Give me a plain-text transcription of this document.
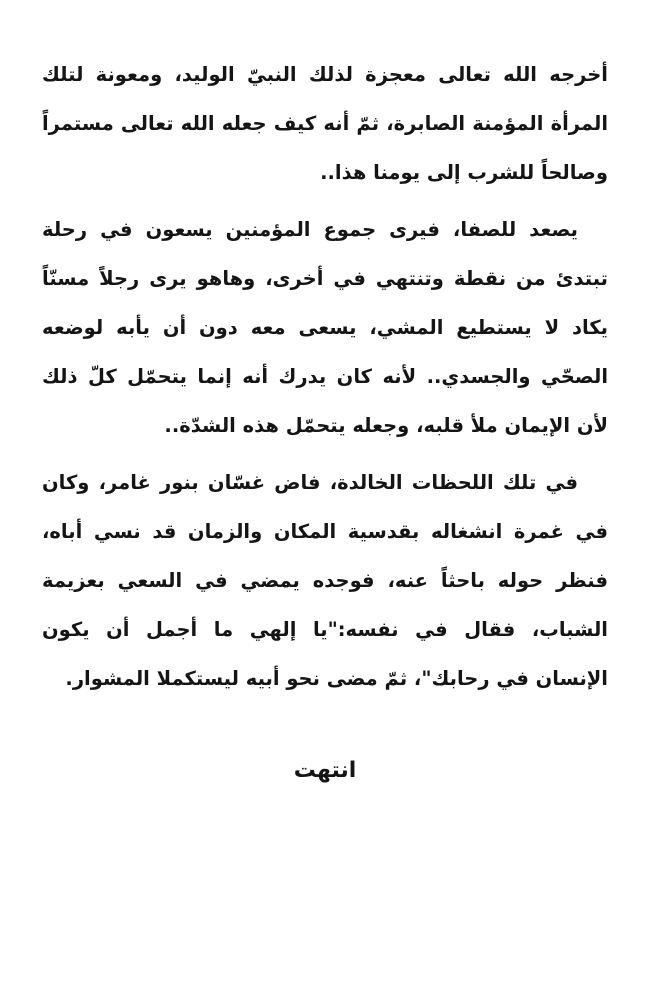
أخرجه الله تعالى معجزة لذلك النبيّ الوليد، ومعونة لتلك المرأة المؤمنة الصابرة، ثمّ أنه كيف جعله الله تعالى مستمراً وصالحاً للشرب إلى يومنا هذا..

يصعد للصفا، فيرى جموع المؤمنين يسعون في رحلة تبتدئ من نقطة وتنتهي في أخرى، وهاهو يرى رجلاً مسنّاً يكاد لا يستطيع المشي، يسعى معه دون أن يأبه لوضعه الصحّي والجسدي.. لأنه كان يدرك أنه إنما يتحمّل كلّ ذلك لأن الإيمان ملأ قلبه، وجعله يتحمّل هذه الشدّة..

في تلك اللحظات الخالدة، فاض غسّان بنور غامر، وكان في غمرة انشغاله بقدسية المكان والزمان قد نسي أباه، فنظر حوله باحثاً عنه، فوجده يمضي في السعي بعزيمة الشباب، فقال في نفسه:"يا إلهي ما أجمل أن يكون الإنسان في رحابك"، ثمّ مضى نحو أبيه ليستكملا المشوار.

انتهت
